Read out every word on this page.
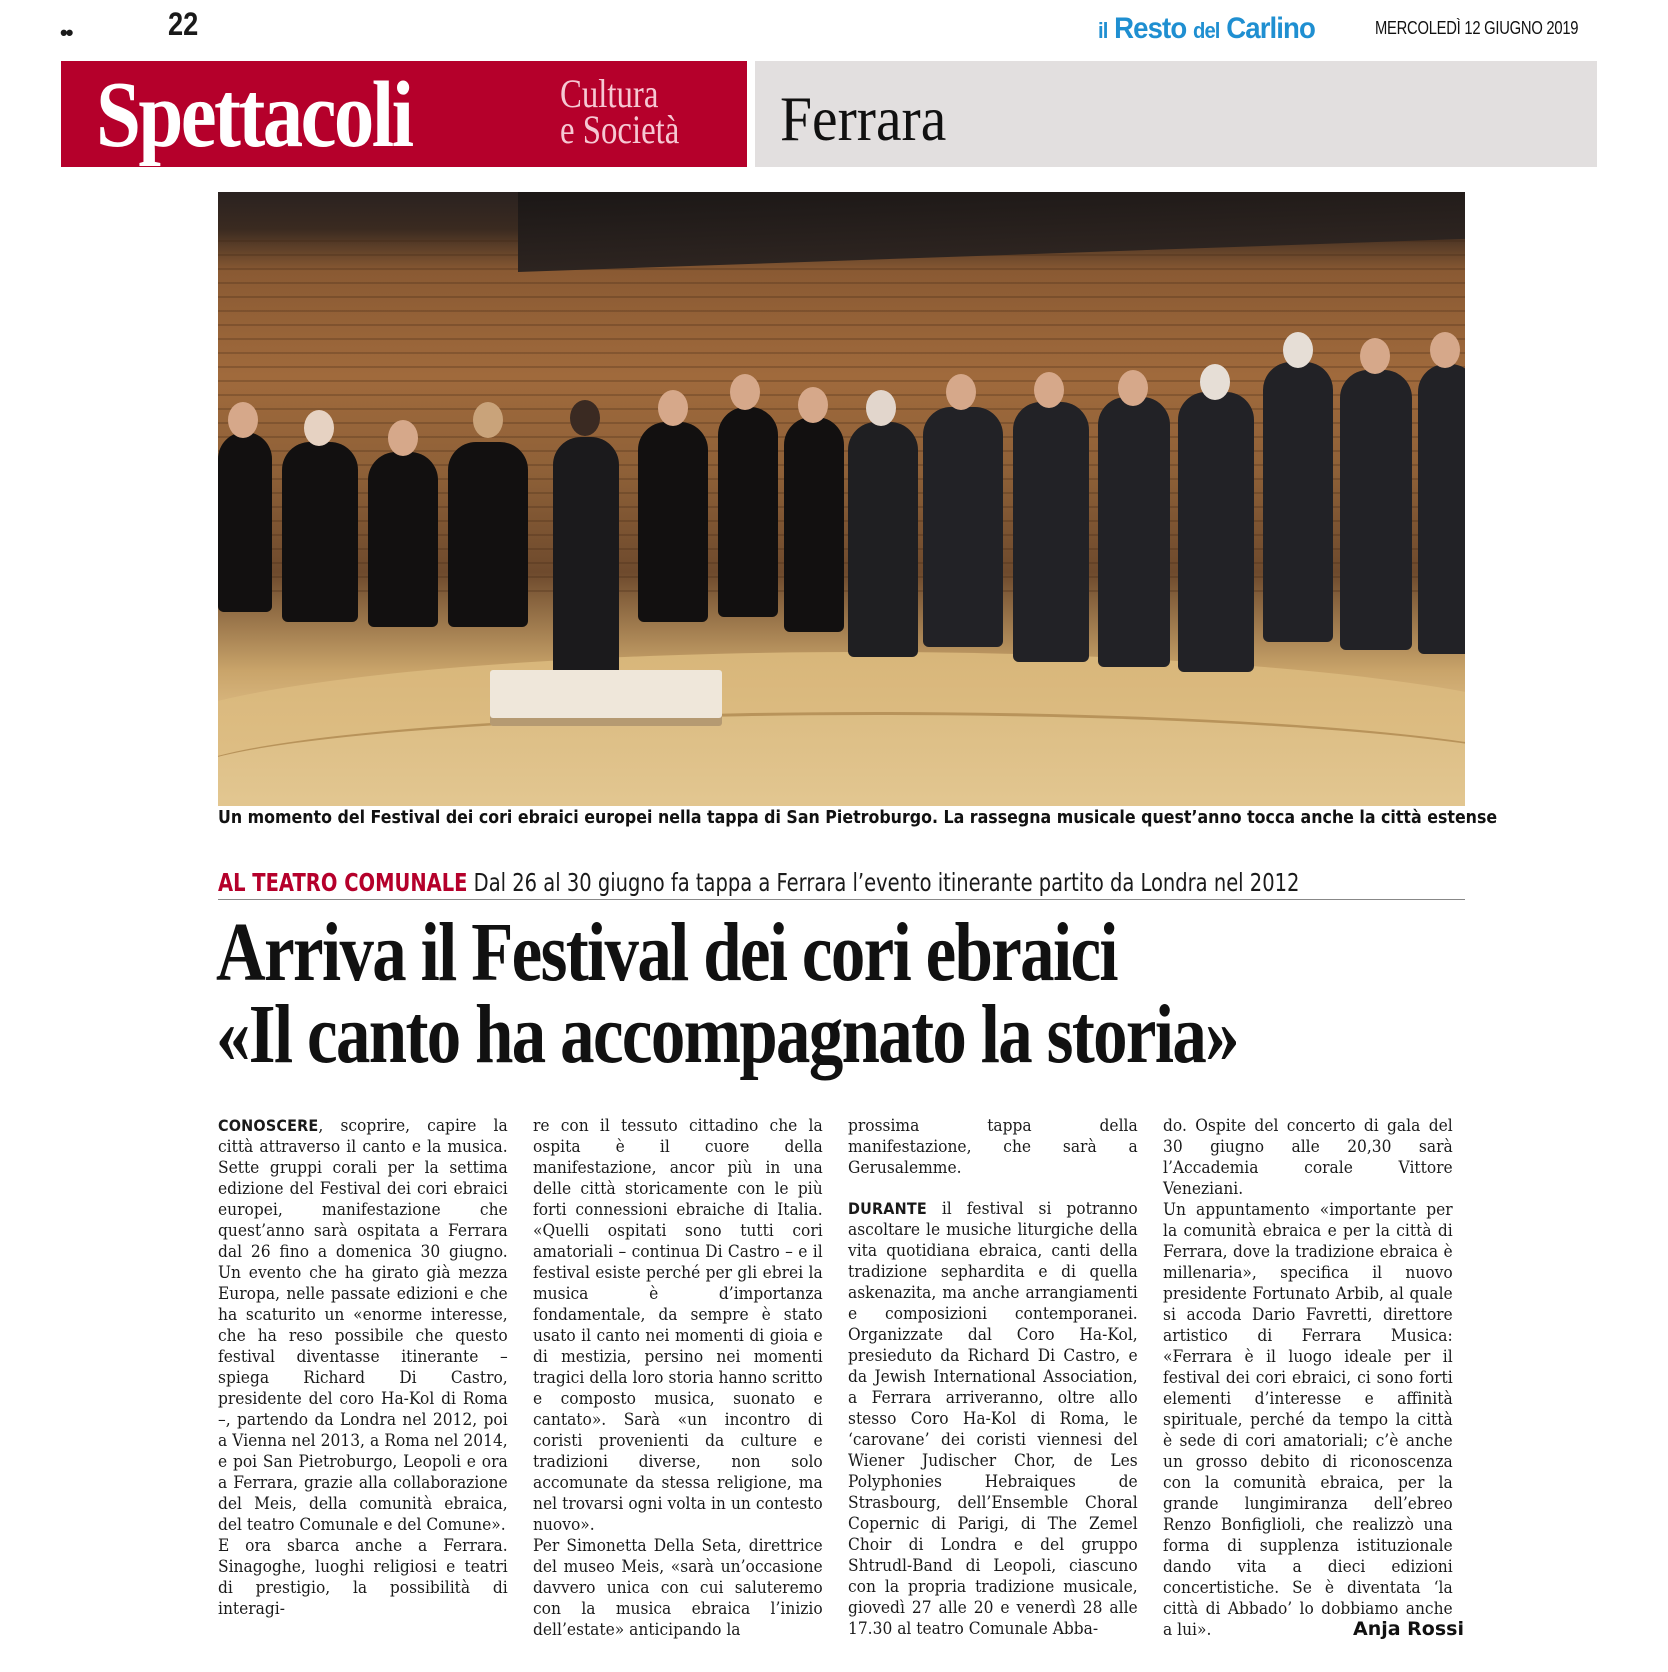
••	22	il Resto del Carlino	MERCOLEDÌ 12 GIUGNO 2019
Spettacoli	Cultura
e Società Ferrara
Un momento del Festival dei cori ebraici europei nella tappa di San Pietroburgo. La rassegna musicale quest’anno tocca anche la città estense
AL TEATRO COMUNALE Dal 26 al 30 giugno fa tappa a Ferrara l’evento itinerante partito da Londra nel 2012
Arriva il Festival dei cori ebraici
«Il canto ha accompagnato la storia»
CONOSCERE, scoprire, capire la città attraverso il canto e la musica. Sette gruppi corali per la settima edizione del Festival dei cori ebraici europei, manifestazione che quest’anno sarà ospitata a Ferrara dal 26 fino a domenica 30 giugno. Un evento che ha girato già mezza Europa, nelle passate edizioni e che ha scaturito un «enorme interesse, che ha reso possibile che questo festival diventasse itinerante – spiega Richard Di Castro, presidente del coro Ha-Kol di Roma –, partendo da Londra nel 2012, poi a Vienna nel 2013, a Roma nel 2014, e poi San Pietroburgo, Leopoli e ora a Ferrara, grazie alla collaborazione del Meis, della comunità ebraica, del teatro Comunale e del Comune».
E ora sbarca anche a Ferrara. Sinagoghe, luoghi religiosi e teatri di prestigio, la possibilità di interagi-
re con il tessuto cittadino che la ospita è il cuore della manifestazione, ancor più in una delle città storicamente con le più forti connessioni ebraiche di Italia. «Quelli ospitati sono tutti cori amatoriali – continua Di Castro – e il festival esiste perché per gli ebrei la musica è d’importanza fondamentale, da sempre è stato usato il canto nei momenti di gioia e di mestizia, persino nei momenti tragici della loro storia hanno scritto e composto musica, suonato e cantato». Sarà «un incontro di coristi provenienti da culture e tradizioni diverse, non solo accomunate da stessa religione, ma nel trovarsi ogni volta in un contesto nuovo».
Per Simonetta Della Seta, direttrice del museo Meis, «sarà un’occasione davvero unica con cui saluteremo con la musica ebraica l’inizio dell’estate» anticipando la
prossima tappa della manifestazione, che sarà a Gerusalemme.
DURANTE il festival si potranno ascoltare le musiche liturgiche della vita quotidiana ebraica, canti della tradizione sephardita e di quella askenazita, ma anche arrangiamenti e composizioni contemporanei. Organizzate dal Coro Ha-Kol, presieduto da Richard Di Castro, e da Jewish International Association, a Ferrara arriveranno, oltre allo stesso Coro Ha-Kol di Roma, le ‘carovane’ dei coristi viennesi del Wiener Judischer Chor, de Les Polyphonies Hebraiques de Strasbourg, dell’Ensemble Choral Copernic di Parigi, di The Zemel Choir di Londra e del gruppo Shtrudl-Band di Leopoli, ciascuno con la propria tradizione musicale, giovedì 27 alle 20 e venerdì 28 alle 17.30 al teatro Comunale Abba-
do. Ospite del concerto di gala del 30 giugno alle 20,30 sarà l’Accademia corale Vittore Veneziani.
Un appuntamento «importante per la comunità ebraica e per la città di Ferrara, dove la tradizione ebraica è millenaria», specifica il nuovo presidente Fortunato Arbib, al quale si accoda Dario Favretti, direttore artistico di Ferrara Musica: «Ferrara è il luogo ideale per il festival dei cori ebraici, ci sono forti elementi d’interesse e affinità spirituale, perché da tempo la città è sede di cori amatoriali; c’è anche un grosso debito di riconoscenza con la comunità ebraica, per la grande lungimiranza dell’ebreo Renzo Bonfiglioli, che realizzò una forma di supplenza istituzionale dando vita a dieci edizioni concertistiche. Se è diventata ‘la città di Abbado’ lo dobbiamo anche a lui».	Anja Rossi
